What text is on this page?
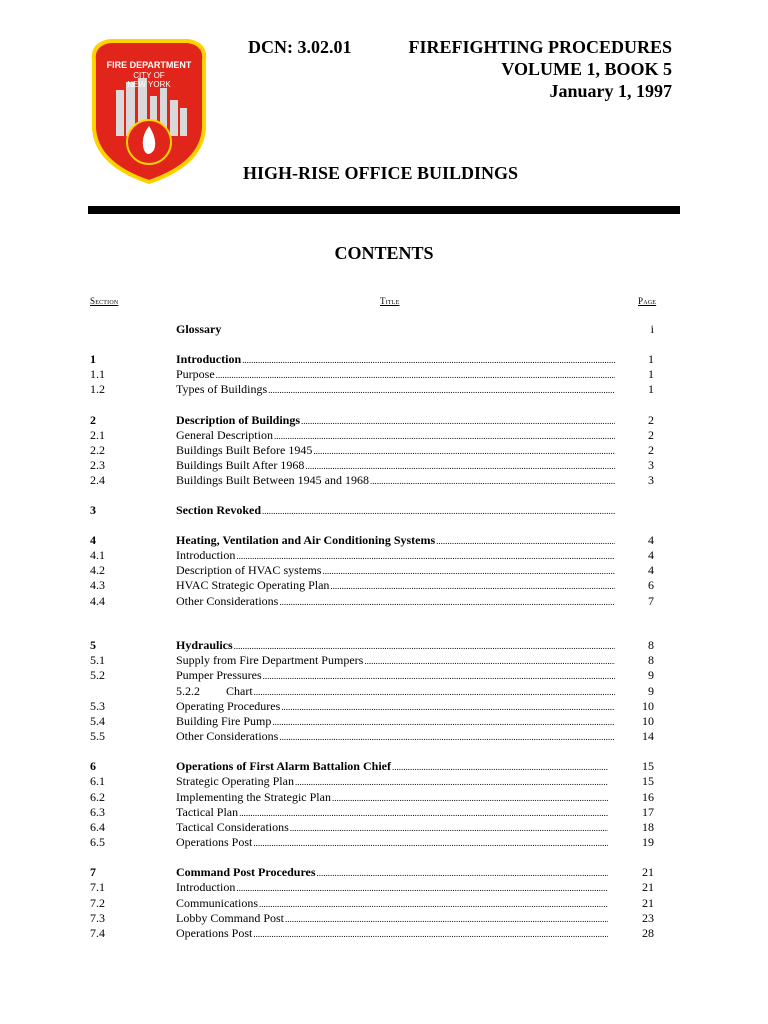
FIRE DEPARTMENT
CITY OF
NEW YORK
DCN: 3.02.01	FIREFIGHTING PROCEDURES
VOLUME 1, BOOK 5
January 1, 1997
HIGH-RISE OFFICE BUILDINGS
CONTENTS
Section	Title	Page
Glossary	i
1	Introduction .....	1
1.1	Purpose .....	1
1.2	Types of Buildings .....	1
2	Description of Buildings .....	2
2.1	General Description .....	2
2.2	Buildings Built Before 1945 .....	2
2.3	Buildings Built After 1968 .....	3
2.4	Buildings Built Between 1945 and 1968 .....	3
3	Section Revoked
.....
4	Heating, Ventilation and Air Conditioning Systems .....	4
4.1	Introduction .....	4
4.2	Description of HVAC systems .....	4
4.3	HVAC Strategic Operating Plan .....	6
4.4	Other Considerations .....	7
5	Hydraulics .....	8
5.1	Supply from Fire Department Pumpers .....	8
5.2	Pumper Pressures .....	9
5.2.2	Chart .....	9
5.3	Operating Procedures .....	10
5.4	Building Fire Pump .....	10
5.5	Other Considerations .....	14
6	Operations of First Alarm Battalion Chief .....	15
6.1	Strategic Operating Plan .....	15
6.2	Implementing the Strategic Plan .....	16
6.3	Tactical Plan .....	17
6.4	Tactical Considerations .....	18
6.5	Operations Post .....	19
7	Command Post Procedures .....	21
7.1	Introduction .....	21
7.2	Communications .....	21
7.3	Lobby Command Post .....	23
7.4	Operations Post .....	28
